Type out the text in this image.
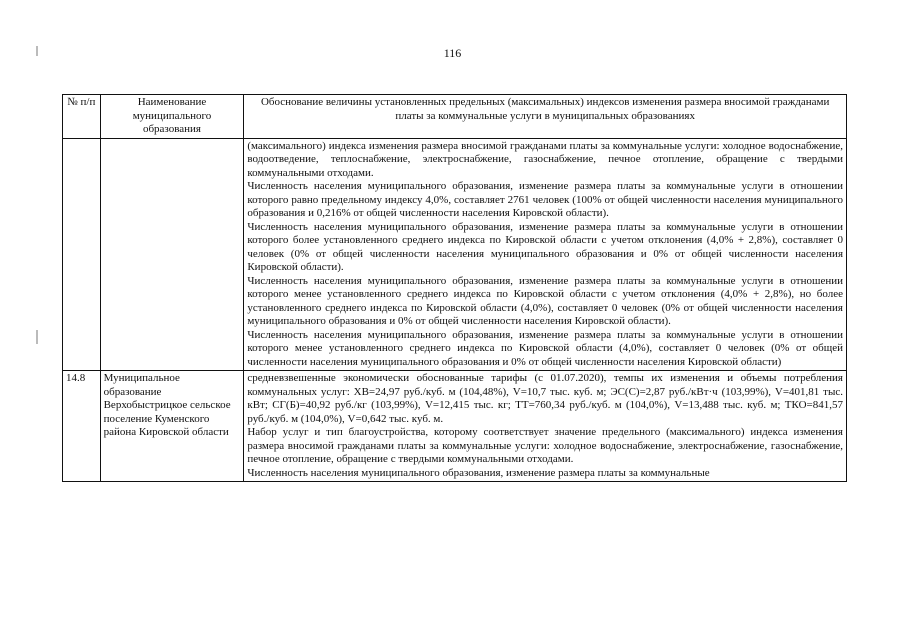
116
№ п/п	Наименование муниципального образования	Обоснование величины установленных предельных (максимальных) индексов изменения размера вносимой гражданами платы за коммунальные услуги в муниципальных образованиях

		(максимального) индекса изменения размера вносимой гражданами платы за коммунальные услуги: холодное водоснабжение, водоотведение, теплоснабжение, электроснабжение, газоснабжение, печное отопление, обращение с твердыми коммунальными отходами.

Численность населения муниципального образования, изменение размера платы за коммунальные услуги в отношении которого равно предельному индексу 4,0%, составляет 2761 человек (100% от общей численности населения муниципального образования и 0,216% от общей численности населения Кировской области).

Численность населения муниципального образования, изменение размера платы за коммунальные услуги в отношении которого более установленного среднего индекса по Кировской области с учетом отклонения (4,0% + 2,8%), составляет 0 человек (0% от общей численности населения муниципального образования и 0% от общей численности населения Кировской области).

Численность населения муниципального образования, изменение размера платы за коммунальные услуги в отношении которого менее установленного среднего индекса по Кировской области с учетом отклонения (4,0% + 2,8%), но более установленного среднего индекса по Кировской области (4,0%), составляет 0 человек (0% от общей численности населения муниципального образования и 0% от общей численности населения Кировской области).

Численность населения муниципального образования, изменение размера платы за коммунальные услуги в отношении которого менее установленного среднего индекса по Кировской области (4,0%), составляет 0 человек (0% от общей численности населения муниципального образования и 0% от общей численности населения Кировской области)

14.8	Муниципальное образование Верхобыстрицкое сельское поселение Куменского района Кировской области	средневзвешенные экономически обоснованные тарифы (с 01.07.2020), темпы их изменения и объемы потребления коммунальных услуг: ХВ=24,97 руб./куб. м (104,48%), V=10,7 тыс. куб. м; ЭС(С)=2,87 руб./кВт·ч (103,99%), V=401,81 тыс. кВт; СГ(Б)=40,92 руб./кг (103,99%), V=12,415 тыс. кг; ТТ=760,34 руб./куб. м (104,0%), V=13,488 тыс. куб. м; ТКО=841,57 руб./куб. м (104,0%), V=0,642 тыс. куб. м.

Набор услуг и тип благоустройства, которому соответствует значение предельного (максимального) индекса изменения размера вносимой гражданами платы за коммунальные услуги: холодное водоснабжение, электроснабжение, газоснабжение, печное отопление, обращение с твердыми коммунальными отходами.

Численность населения муниципального образования, изменение размера платы за коммунальные
